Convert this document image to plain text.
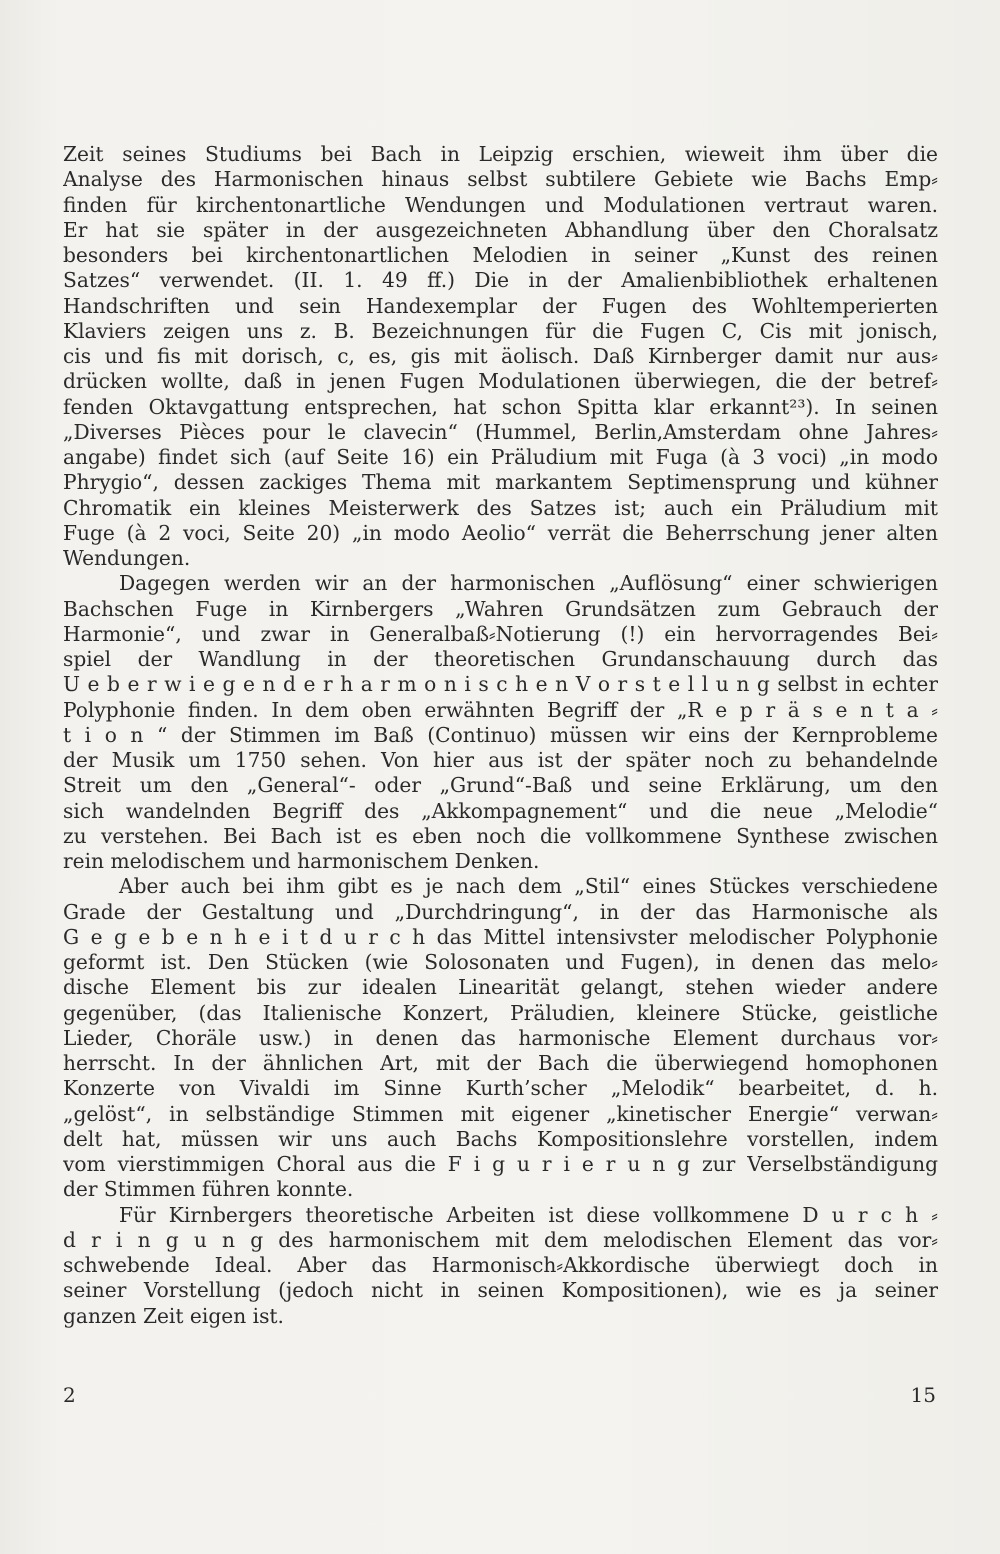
Zeit seines Studiums bei Bach in Leipzig erschien, wieweit ihm über die
Analyse des Harmonischen hinaus selbst subtilere Gebiete wie Bachs Emp⸗
finden für kirchentonartliche Wendungen und Modulationen vertraut waren.
Er hat sie später in der ausgezeichneten Abhandlung über den Choralsatz
besonders bei kirchentonartlichen Melodien in seiner „Kunst des reinen
Satzes“ verwendet. (II. 1. 49 ff.) Die in der Amalienbibliothek erhaltenen
Handschriften und sein Handexemplar der Fugen des Wohltemperierten
Klaviers zeigen uns z. B. Bezeichnungen für die Fugen C, Cis mit jonisch,
cis und fis mit dorisch, c, es, gis mit äolisch. Daß Kirnberger damit nur aus⸗
drücken wollte, daß in jenen Fugen Modulationen überwiegen, die der betref⸗
fenden Oktavgattung entsprechen, hat schon Spitta klar erkannt²³). In seinen
„Diverses Pièces pour le clavecin“ (Hummel, Berlin,Amsterdam ohne Jahres⸗
angabe) findet sich (auf Seite 16) ein Präludium mit Fuga (à 3 voci) „in modo
Phrygio“, dessen zackiges Thema mit markantem Septimensprung und kühner
Chromatik ein kleines Meisterwerk des Satzes ist; auch ein Präludium mit
Fuge (à 2 voci, Seite 20) „in modo Aeolio“ verrät die Beherrschung jener alten
Wendungen.
Dagegen werden wir an der harmonischen „Auflösung“ einer schwierigen
Bachschen Fuge in Kirnbergers „Wahren Grundsätzen zum Gebrauch der
Harmonie“, und zwar in Generalbaß⸗Notierung (!) ein hervorragendes Bei⸗
spiel der Wandlung in der theoretischen Grundanschauung durch das
U e b e r w i e g e n d e r h a r m o n i s c h e n V o r s t e l l u n g selbst in echter
Polyphonie finden. In dem oben erwähnten Begriff der „R e p r ä s e n t a ⸗
t i o n “ der Stimmen im Baß (Continuo) müssen wir eins der Kernprobleme
der Musik um 1750 sehen. Von hier aus ist der später noch zu behandelnde
Streit um den „General“- oder „Grund“-Baß und seine Erklärung, um den
sich wandelnden Begriff des „Akkompagnement“ und die neue „Melodie“
zu verstehen. Bei Bach ist es eben noch die vollkommene Synthese zwischen
rein melodischem und harmonischem Denken.
Aber auch bei ihm gibt es je nach dem „Stil“ eines Stückes verschiedene
Grade der Gestaltung und „Durchdringung“, in der das Harmonische als
G e g e b e n h e i t d u r c h das Mittel intensivster melodischer Polyphonie
geformt ist. Den Stücken (wie Solosonaten und Fugen), in denen das melo⸗
dische Element bis zur idealen Linearität gelangt, stehen wieder andere
gegenüber, (das Italienische Konzert, Präludien, kleinere Stücke, geistliche
Lieder, Choräle usw.) in denen das harmonische Element durchaus vor⸗
herrscht. In der ähnlichen Art, mit der Bach die überwiegend homophonen
Konzerte von Vivaldi im Sinne Kurth’scher „Melodik“ bearbeitet, d. h.
„gelöst“, in selbständige Stimmen mit eigener „kinetischer Energie“ verwan⸗
delt hat, müssen wir uns auch Bachs Kompositionslehre vorstellen, indem
vom vierstimmigen Choral aus die F i g u r i e r u n g zur Verselbständigung
der Stimmen führen konnte.
Für Kirnbergers theoretische Arbeiten ist diese vollkommene D u r c h ⸗
d r i n g u n g des harmonischem mit dem melodischen Element das vor⸗
schwebende Ideal. Aber das Harmonisch⸗Akkordische überwiegt doch in
seiner Vorstellung (jedoch nicht in seinen Kompositionen), wie es ja seiner
ganzen Zeit eigen ist.
2	15
